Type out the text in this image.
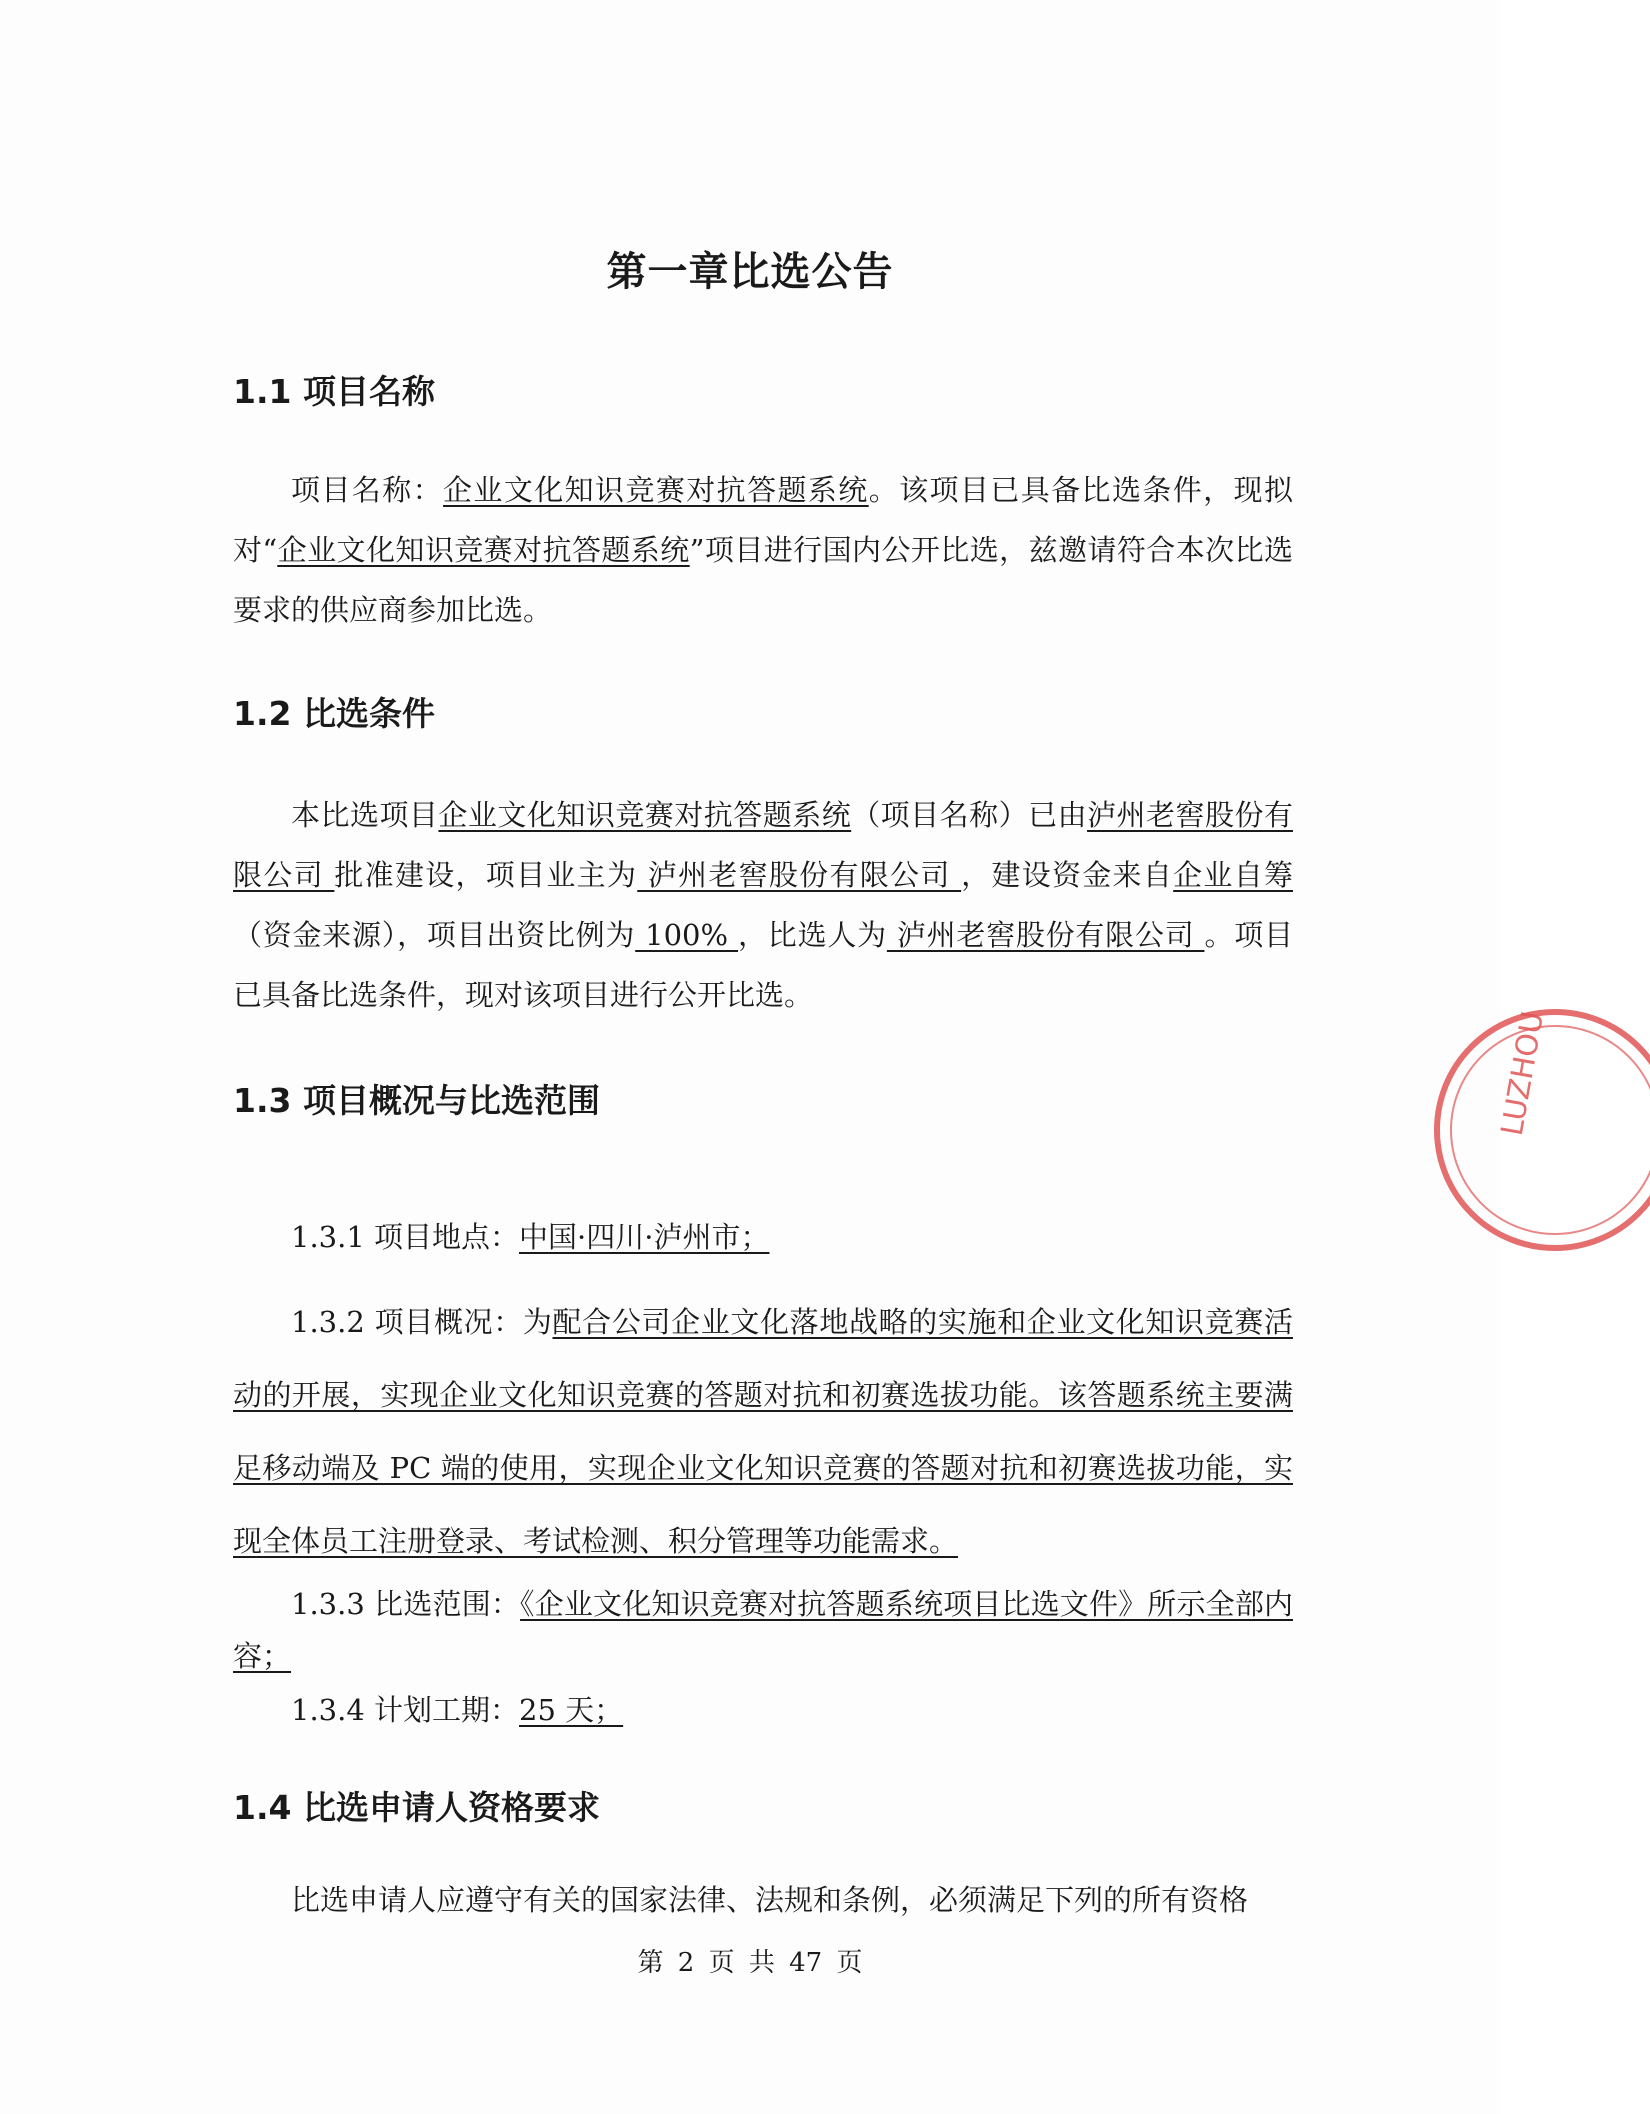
第一章比选公告
1.1 项目名称

项目名称：企业文化知识竞赛对抗答题系统。该项目已具备比选条件，现拟对“企业文化知识竞赛对抗答题系统”项目进行国内公开比选，兹邀请符合本次比选要求的供应商参加比选。

1.2 比选条件

本比选项目企业文化知识竞赛对抗答题系统（项目名称）已由泸州老窖股份有限公司 批准建设，项目业主为 泸州老窖股份有限公司 ，建设资金来自企业自筹 （资金来源），项目出资比例为 100% ，比选人为 泸州老窖股份有限公司 。项目已具备比选条件，现对该项目进行公开比选。

1.3 项目概况与比选范围

1.3.1 项目地点：中国·四川·泸州市；

1.3.2 项目概况：为配合公司企业文化落地战略的实施和企业文化知识竞赛活动的开展，实现企业文化知识竞赛的答题对抗和初赛选拔功能。该答题系统主要满足移动端及 PC 端的使用，实现企业文化知识竞赛的答题对抗和初赛选拔功能，实现全体员工注册登录、考试检测、积分管理等功能需求。

1.3.3 比选范围：《企业文化知识竞赛对抗答题系统项目比选文件》所示全部内容；

1.3.4 计划工期：25 天；

1.4 比选申请人资格要求

比选申请人应遵守有关的国家法律、法规和条例，必须满足下列的所有资格

第 2 页 共 47 页
LUZHOU
